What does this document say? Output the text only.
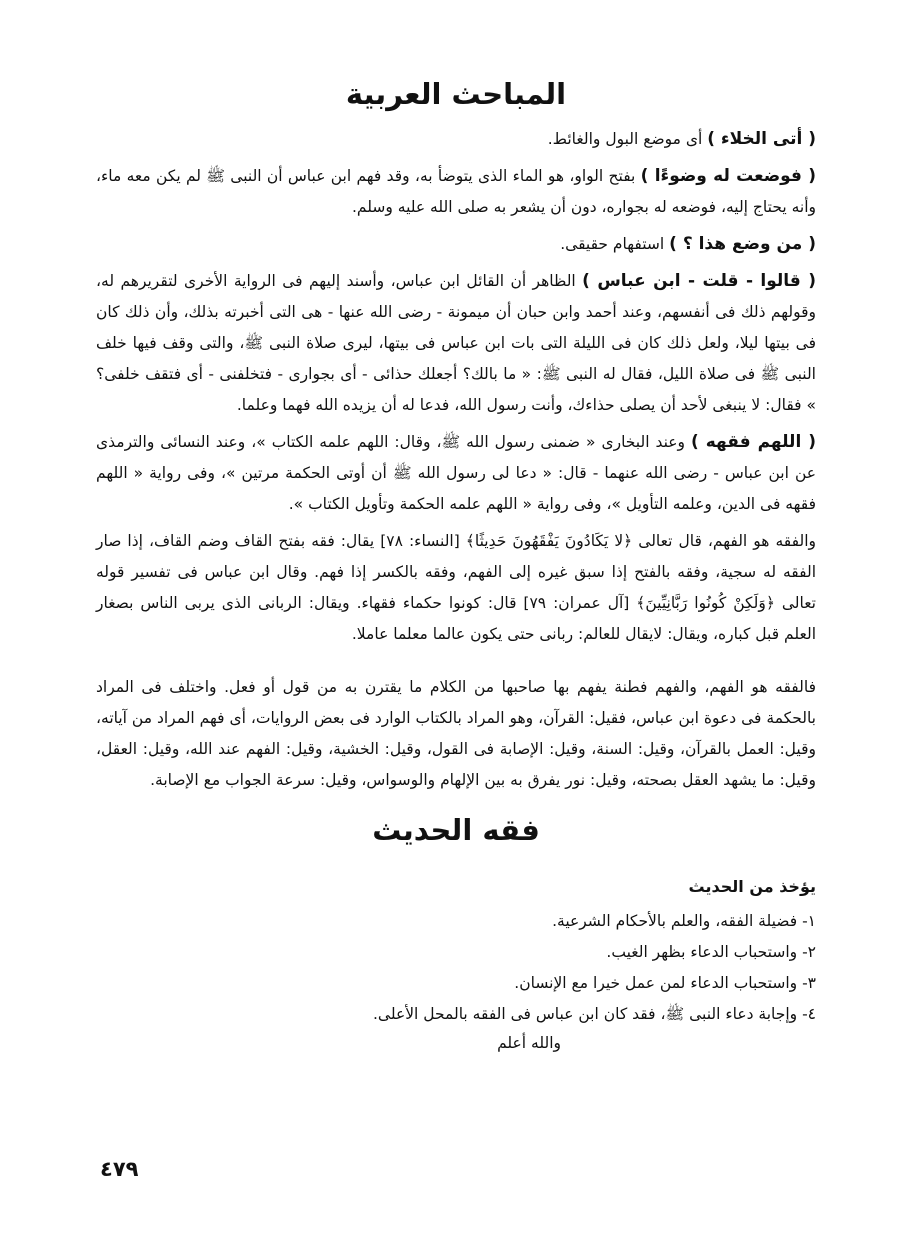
المباحث العربية

( أتى الخلاء ) أى موضع البول والغائط.

( فوضعت له وضوءًا ) بفتح الواو، هو الماء الذى يتوضأ به، وقد فهم ابن عباس أن النبى ﷺ لم يكن معه ماء، وأنه يحتاج إليه، فوضعه له بجواره، دون أن يشعر به صلى الله عليه وسلم.

( من وضع هذا ؟ ) استفهام حقيقى.

( قالوا - قلت - ابن عباس ) الظاهر أن القائل ابن عباس، وأسند إليهم فى الرواية الأخرى لتقريرهم له، وقولهم ذلك فى أنفسهم، وعند أحمد وابن حبان أن ميمونة - رضى الله عنها - هى التى أخبرته بذلك، وأن ذلك كان فى بيتها ليلا، ولعل ذلك كان فى الليلة التى بات ابن عباس فى بيتها، ليرى صلاة النبى ﷺ، والتى وقف فيها خلف النبى ﷺ فى صلاة الليل، فقال له النبى ﷺ: « ما بالك؟ أجعلك حذائى - أى بجوارى - فتخلفنى - أى فتقف خلفى؟ » فقال: لا ينبغى لأحد أن يصلى حذاءك، وأنت رسول الله، فدعا له أن يزيده الله فهما وعلما.

( اللهم فقهه ) وعند البخارى « ضمنى رسول الله ﷺ، وقال: اللهم علمه الكتاب »، وعند النسائى والترمذى عن ابن عباس - رضى الله عنهما - قال: « دعا لى رسول الله ﷺ أن أوتى الحكمة مرتين »، وفى رواية « اللهم فقهه فى الدين، وعلمه التأويل »، وفى رواية « اللهم علمه الحكمة وتأويل الكتاب ».

والفقه هو الفهم، قال تعالى ﴿لا يَكَادُونَ يَفْقَهُونَ حَدِيثًا﴾ [النساء: ٧٨] يقال: فقه بفتح القاف وضم القاف، إذا صار الفقه له سجية، وفقه بالفتح إذا سبق غيره إلى الفهم، وفقه بالكسر إذا فهم. وقال ابن عباس فى تفسير قوله تعالى ﴿وَلَكِنْ كُونُوا رَبَّانِيِّينَ﴾ [آل عمران: ٧٩] قال: كونوا حكماء فقهاء. ويقال: الربانى الذى يربى الناس بصغار العلم قبل كباره، ويقال: لايقال للعالم: ربانى حتى يكون عالما معلما عاملا.

فالفقه هو الفهم، والفهم فطنة يفهم بها صاحبها من الكلام ما يقترن به من قول أو فعل. واختلف فى المراد بالحكمة فى دعوة ابن عباس، فقيل: القرآن، وهو المراد بالكتاب الوارد فى بعض الروايات، أى فهم المراد من آياته، وقيل: العمل بالقرآن، وقيل: السنة، وقيل: الإصابة فى القول، وقيل: الخشية، وقيل: الفهم عند الله، وقيل: العقل، وقيل: ما يشهد العقل بصحته، وقيل: نور يفرق به بين الإلهام والوسواس، وقيل: سرعة الجواب مع الإصابة.

فقه الحديث
يؤخذ من الحديث
١- فضيلة الفقه، والعلم بالأحكام الشرعية.
٢- واستحباب الدعاء بظهر الغيب.
٣- واستحباب الدعاء لمن عمل خيرا مع الإنسان.
٤- وإجابة دعاء النبى ﷺ، فقد كان ابن عباس فى الفقه بالمحل الأعلى.
والله أعلم
٤٧٩
